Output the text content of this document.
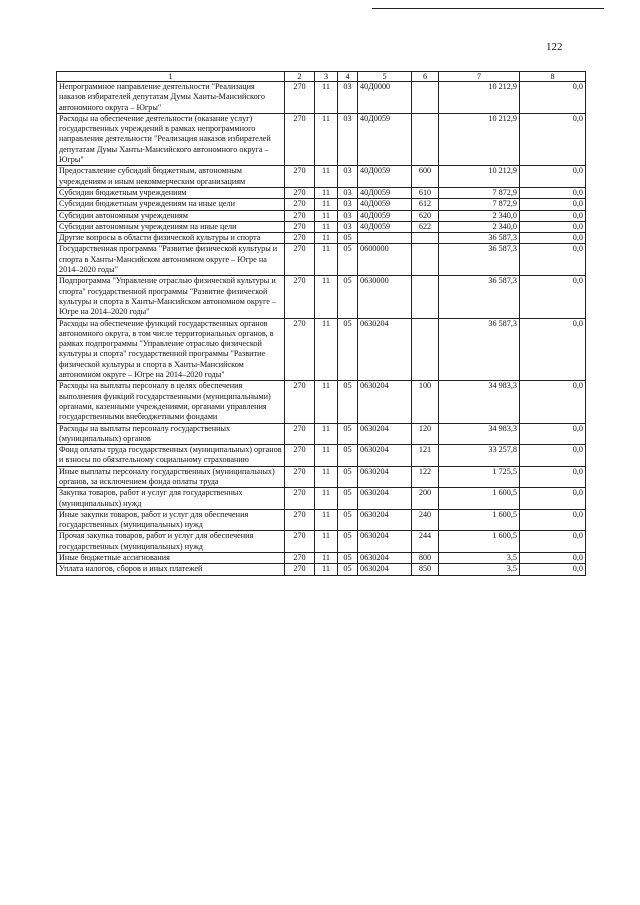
122
1	2	3	4	5	6	7	8
Непрограммное направление деятельности "Реализация наказов избирателей депутатам Думы Ханты-Мансийского автономного округа – Югры"	270	11	03	40Д0000		10 212,9	0,0
Расходы на обеспечение деятельности (оказание услуг) государственных учреждений в рамках непрограммного направления деятельности "Реализация наказов избирателей депутатам Думы Ханты-Мансийского автономного округа – Югры"	270	11	03	40Д0059		10 212,9	0,0
Предоставление субсидий бюджетным, автономным учреждениям и иным некоммерческим организациям	270	11	03	40Д0059	600	10 212,9	0,0
Субсидии бюджетным учреждениям	270	11	03	40Д0059	610	7 872,9	0,0
Субсидии бюджетным учреждениям на иные цели	270	11	03	40Д0059	612	7 872,9	0,0
Субсидии автономным учреждениям	270	11	03	40Д0059	620	2 340,0	0,0
Субсидии автономным учреждениям на иные цели	270	11	03	40Д0059	622	2 340,0	0,0
Другие вопросы в области физической культуры и спорта	270	11	05			36 587,3	0,0
Государственная программа "Развитие физической культуры и спорта в Ханты-Мансийском автономном округе – Югре на 2014–2020 годы"	270	11	05	0600000		36 587,3	0,0
Подпрограмма "Управление отраслью физической культуры и спорта" государственной программы "Развитие физической культуры и спорта в Ханты-Мансийском автономном округе – Югре на 2014–2020 годы"	270	11	05	0630000		36 587,3	0,0
Расходы на обеспечение функций государственных органов автономного округа, в том числе территориальных органов, в рамках подпрограммы "Управление отраслью физической культуры и спорта" государственной программы "Развитие физической культуры и спорта в Ханты-Мансийском автономном округе – Югре на 2014–2020 годы"	270	11	05	0630204		36 587,3	0,0
Расходы на выплаты персоналу в целях обеспечения выполнения функций государственными (муниципальными) органами, казенными учреждениями, органами управления государственными внебюджетными фондами	270	11	05	0630204	100	34 983,3	0,0
Расходы на выплаты персоналу государственных (муниципальных) органов	270	11	05	0630204	120	34 983,3	0,0
Фонд оплаты труда государственных (муниципальных) органов и взносы по обязательному социальному страхованию	270	11	05	0630204	121	33 257,8	0,0
Иные выплаты персоналу государственных (муниципальных) органов, за исключением фонда оплаты труда	270	11	05	0630204	122	1 725,5	0,0
Закупка товаров, работ и услуг для государственных (муниципальных) нужд	270	11	05	0630204	200	1 600,5	0,0
Иные закупки товаров, работ и услуг для обеспечения государственных (муниципальных) нужд	270	11	05	0630204	240	1 600,5	0,0
Прочая закупка товаров, работ и услуг для обеспечения государственных (муниципальных) нужд	270	11	05	0630204	244	1 600,5	0,0
Иные бюджетные ассигнования	270	11	05	0630204	800	3,5	0,0
Уплата налогов, сборов и иных платежей	270	11	05	0630204	850	3,5	0,0
